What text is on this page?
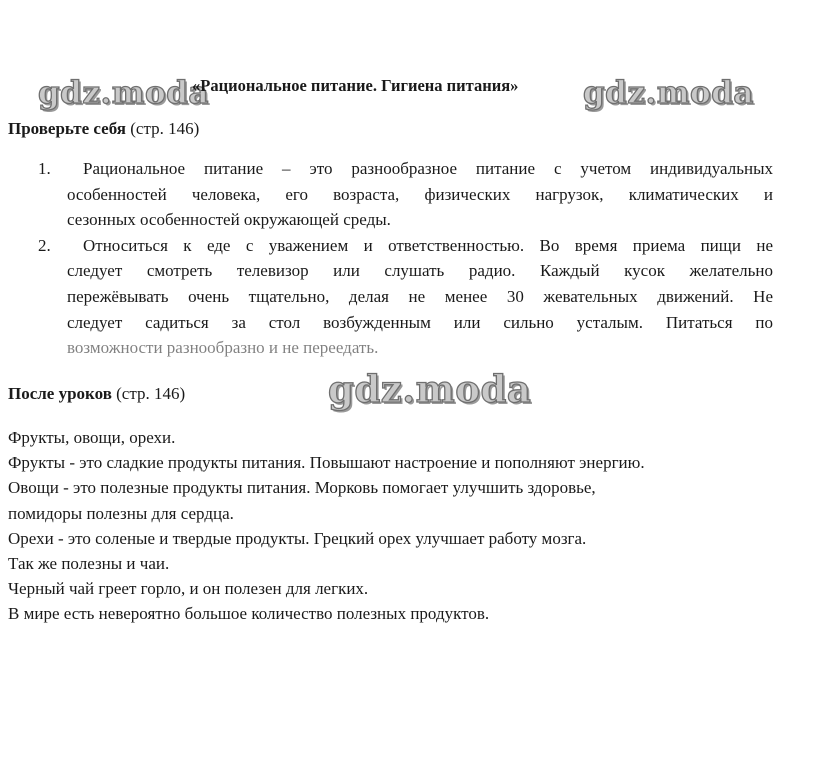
gdz.moda	gdz.moda
«Рациональное питание. Гигиена питания»
Проверьте себя (стр. 146)
1. Рациональное питание – это разнообразное питание с учетом индивидуальных
особенностей человека, его возраста, физических нагрузок, климатических и
сезонных особенностей окружающей среды.
2. Относиться к еде с уважением и ответственностью. Во время приема пищи не
следует смотреть телевизор или слушать радио. Каждый кусок желательно
пережёвывать очень тщательно, делая не менее 30 жевательных движений. Не
следует садиться за стол возбужденным или сильно усталым. Питаться по
возможности разнообразно и не переедать.
После уроков (стр. 146)	gdz.moda
Фрукты, овощи, орехи.
Фрукты - это сладкие продукты питания. Повышают настроение и пополняют энергию.
Овощи - это полезные продукты питания. Морковь помогает улучшить здоровье,
помидоры полезны для сердца.
Орехи - это соленые и твердые продукты. Грецкий орех улучшает работу мозга.
Так же полезны и чаи.
Черный чай греет горло, и он полезен для легких.
В мире есть невероятно большое количество полезных продуктов.
